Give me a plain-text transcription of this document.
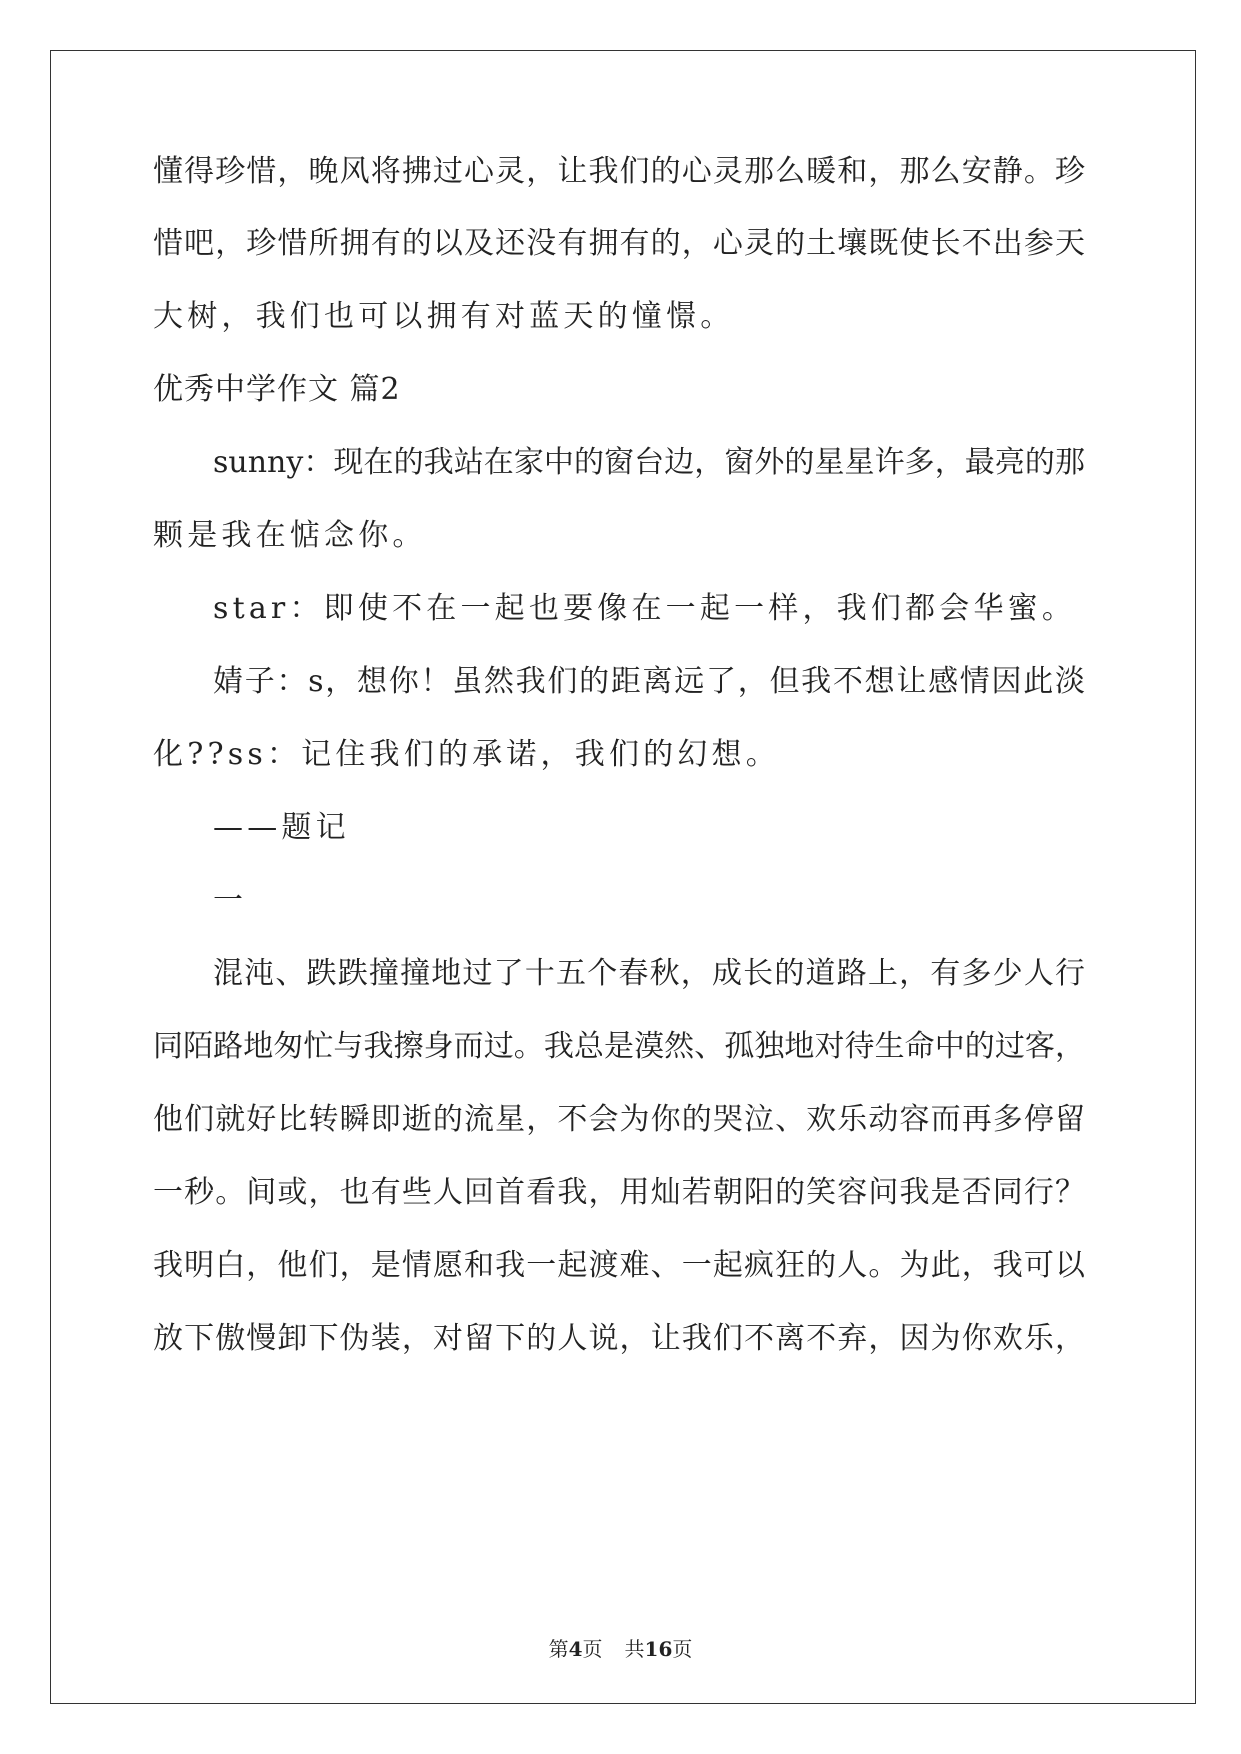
懂得珍惜，晚风将拂过心灵，让我们的心灵那么暖和，那么安静。珍

惜吧，珍惜所拥有的以及还没有拥有的，心灵的土壤既使长不出参天

大树，我们也可以拥有对蓝天的憧憬。

优秀中学作文 篇2

sunny：现在的我站在家中的窗台边，窗外的星星许多，最亮的那

颗是我在惦念你。

star：即使不在一起也要像在一起一样，我们都会华蜜。

婧子：s，想你！虽然我们的距离远了，但我不想让感情因此淡

化??ss：记住我们的承诺，我们的幻想。

——题记

一

混沌、跌跌撞撞地过了十五个春秋，成长的道路上，有多少人行

同陌路地匆忙与我擦身而过。我总是漠然、孤独地对待生命中的过客，

他们就好比转瞬即逝的流星，不会为你的哭泣、欢乐动容而再多停留

一秒。间或，也有些人回首看我，用灿若朝阳的笑容问我是否同行？

我明白，他们，是情愿和我一起渡难、一起疯狂的人。为此，我可以

放下傲慢卸下伪装，对留下的人说，让我们不离不弃，因为你欢乐，

第4页 共16页
